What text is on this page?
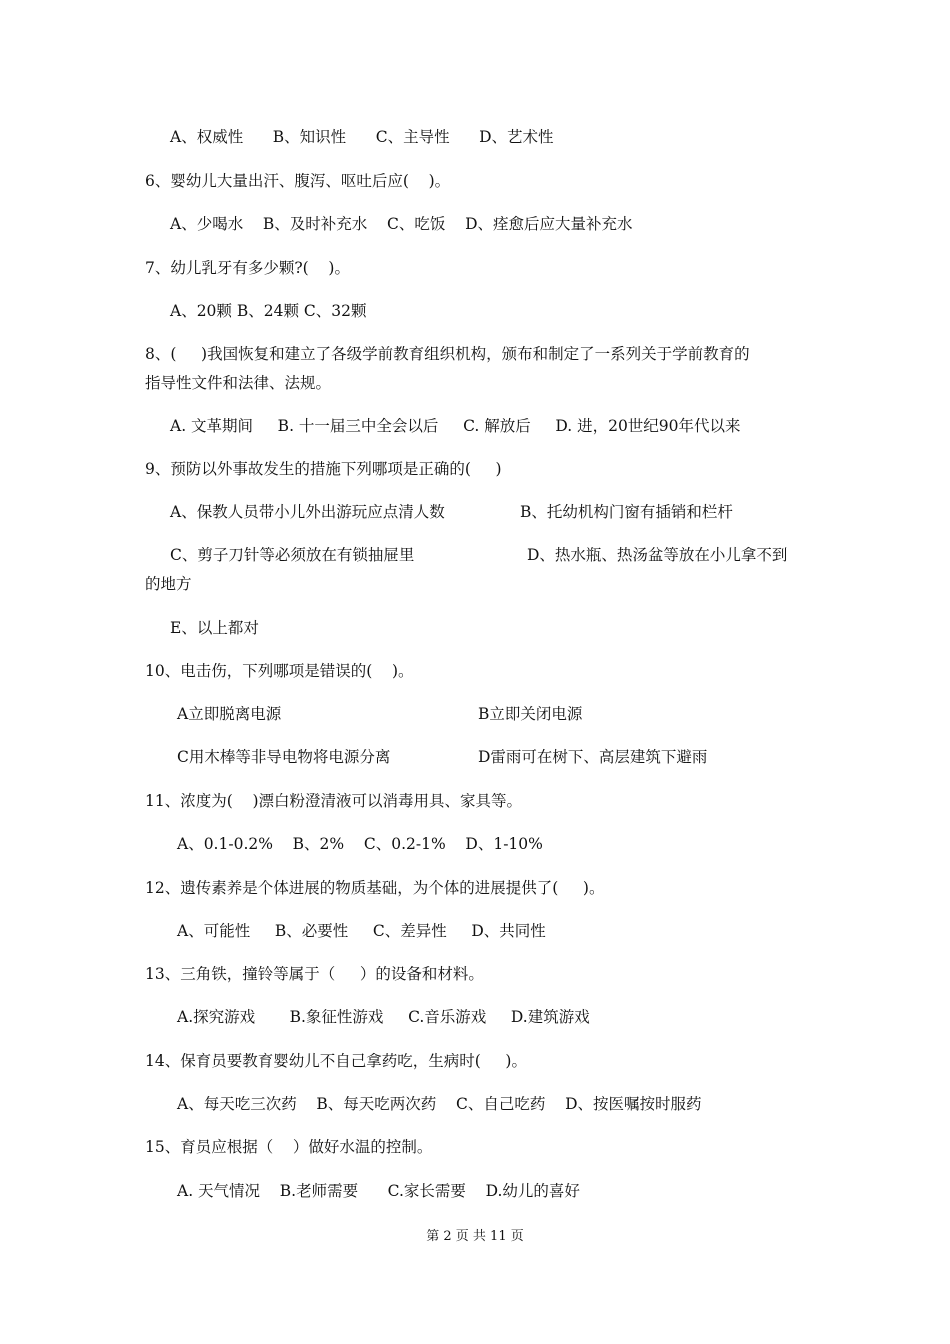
A、权威性      B、知识性      C、主导性      D、艺术性
6、婴幼儿大量出汗、腹泻、呕吐后应(    )。
A、少喝水    B、及时补充水    C、吃饭    D、痊愈后应大量补充水
7、幼儿乳牙有多少颗?(    )。
A、20颗 B、24颗 C、32颗
8、(     )我国恢复和建立了各级学前教育组织机构，颁布和制定了一系列关于学前教育的
指导性文件和法律、法规。
A. 文革期间     B. 十一届三中全会以后     C. 解放后     D. 进，20世纪90年代以来
9、预防以外事故发生的措施下列哪项是正确的(     )
A、保教人员带小儿外出游玩应点清人数	B、托幼机构门窗有插销和栏杆
C、剪子刀针等必须放在有锁抽屉里	D、热水瓶、热汤盆等放在小儿拿不到
的地方
E、以上都对
10、电击伤，下列哪项是错误的(    )。
A立即脱离电源	B立即关闭电源
C用木棒等非导电物将电源分离	D雷雨可在树下、高层建筑下避雨
11、浓度为(    )漂白粉澄清液可以消毒用具、家具等。
A、0.1-0.2%    B、2%    C、0.2-1%    D、1-10%
12、遗传素养是个体进展的物质基础，为个体的进展提供了(     )。
A、可能性     B、必要性     C、差异性     D、共同性
13、三角铁，撞铃等属于（     ）的设备和材料。
A.探究游戏       B.象征性游戏     C.音乐游戏     D.建筑游戏
14、保育员要教育婴幼儿不自己拿药吃，生病时(     )。
A、每天吃三次药    B、每天吃两次药    C、自己吃药    D、按医嘱按时服药
15、育员应根据（    ）做好水温的控制。
A. 天气情况    B.老师需要      C.家长需要    D.幼儿的喜好
第 2 页 共 11 页
